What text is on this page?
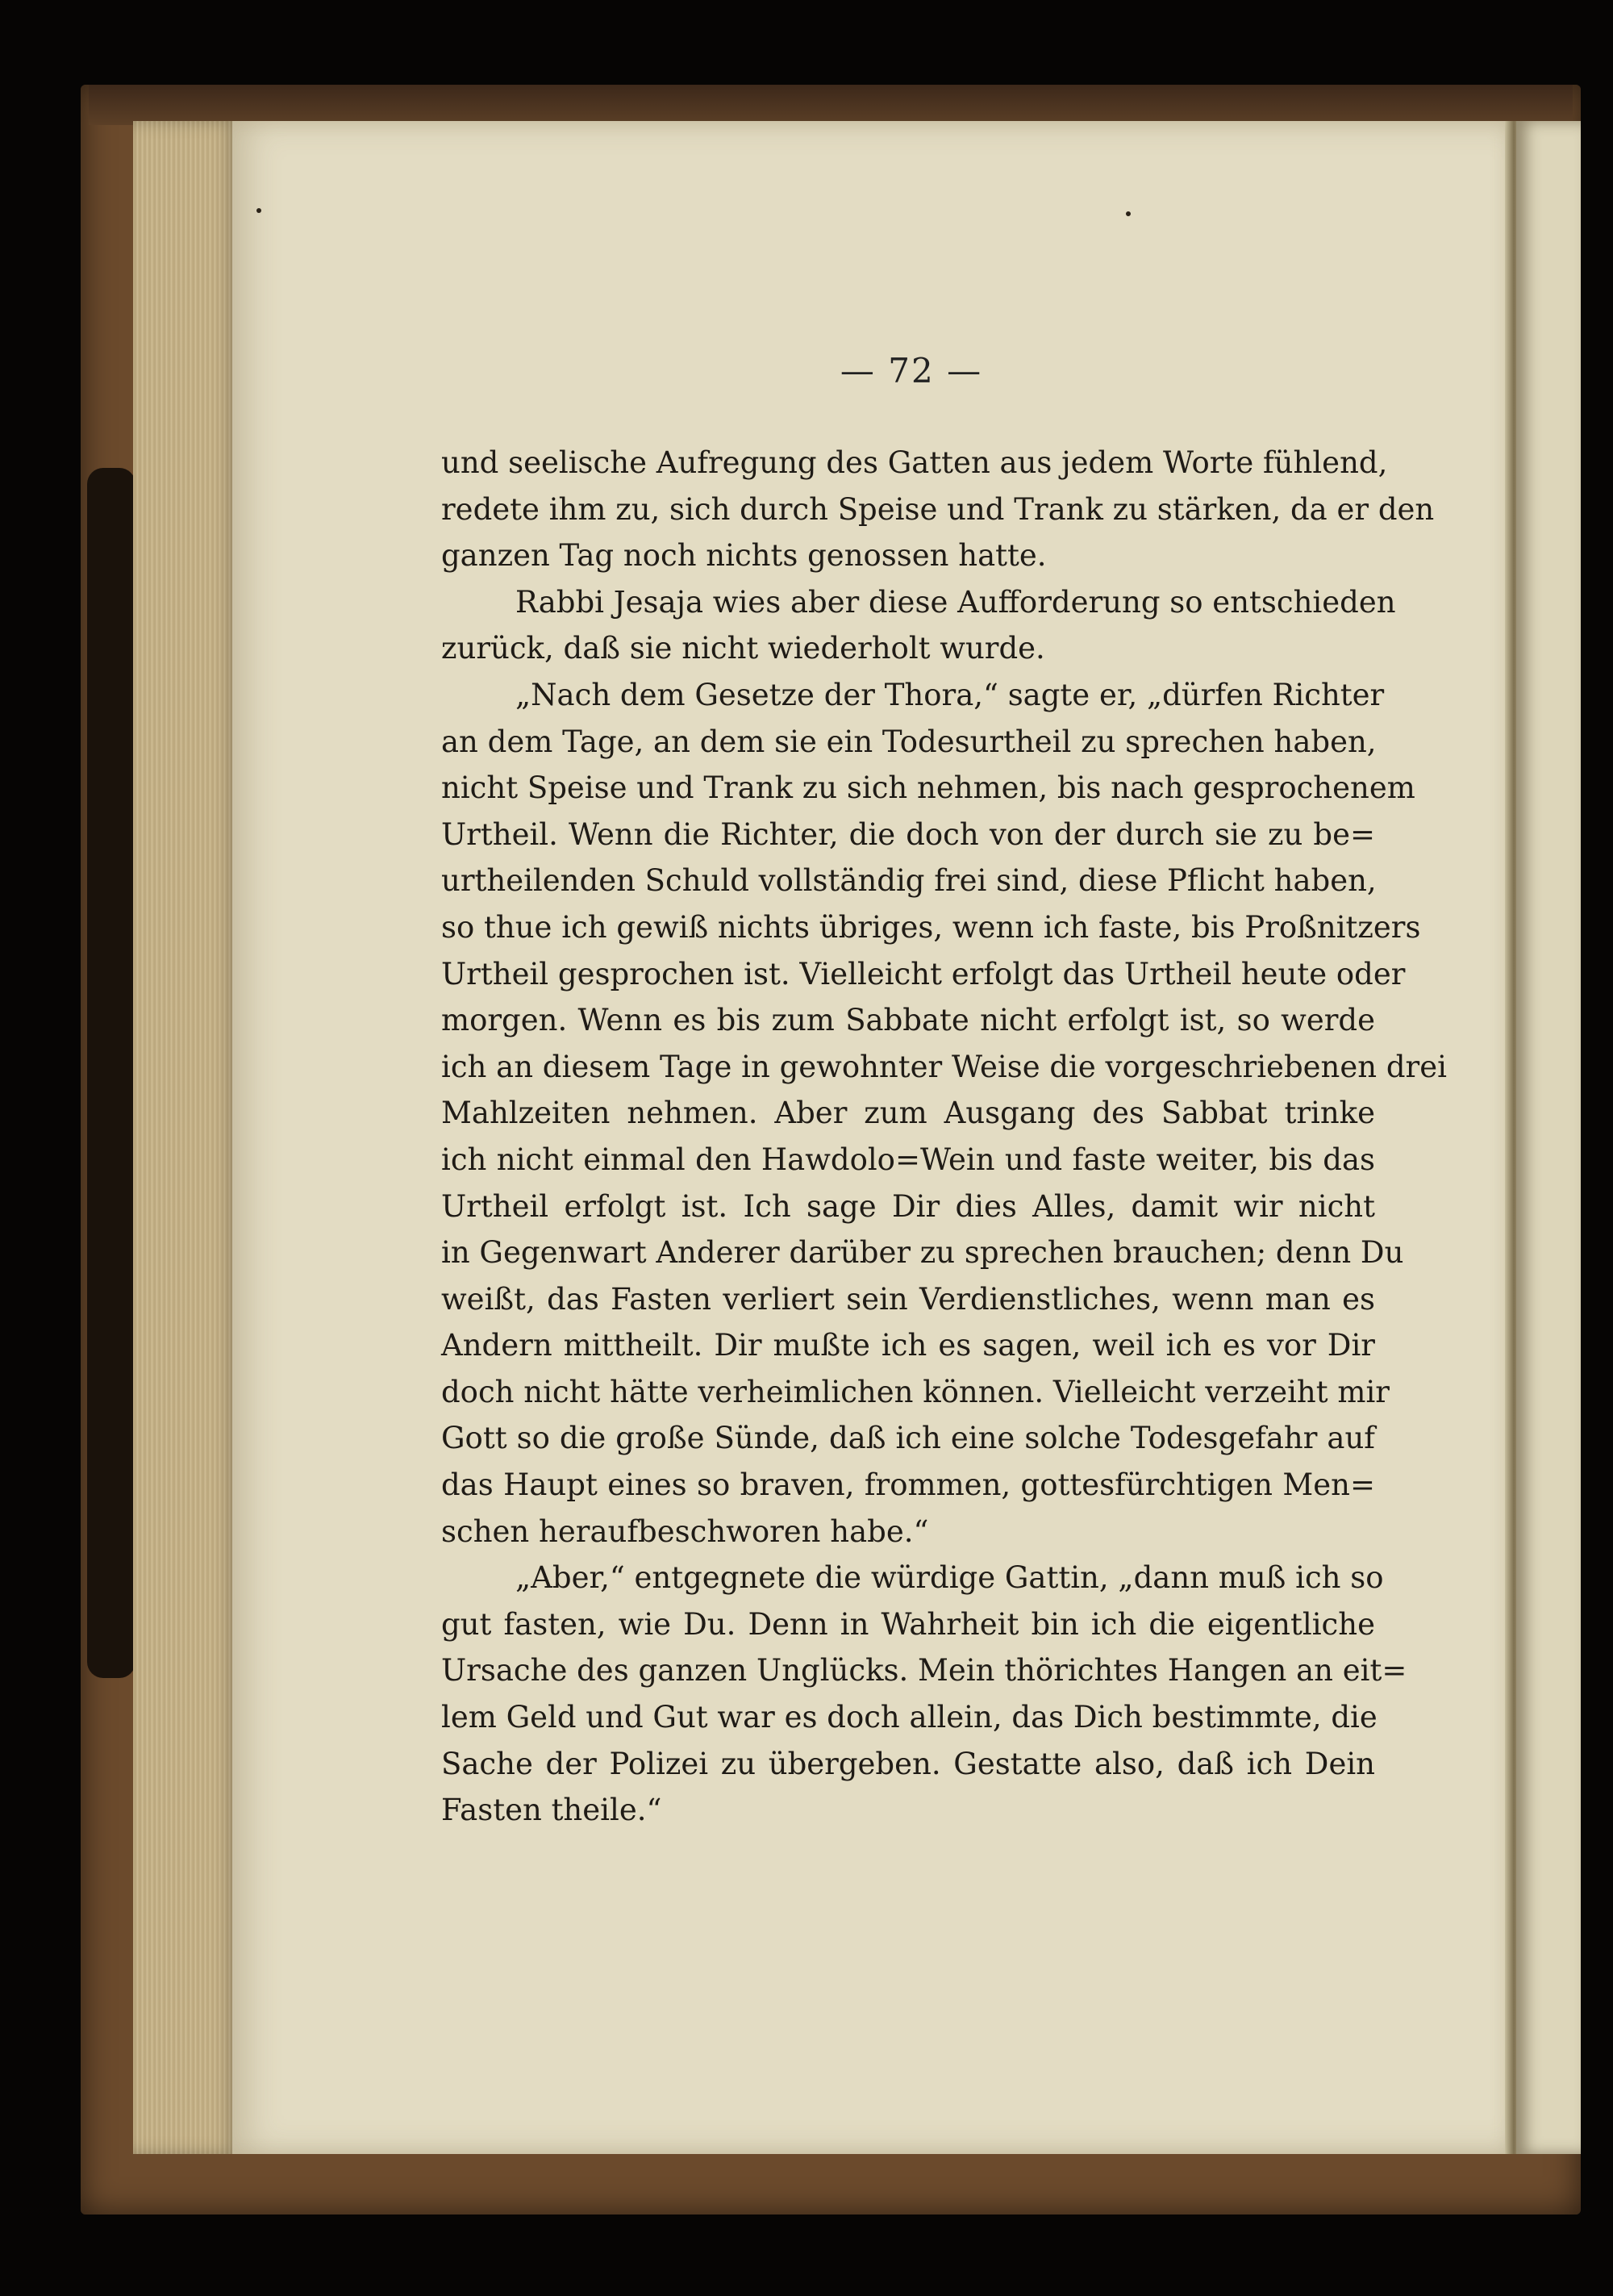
— 72 —
und seelische Aufregung des Gatten aus jedem Worte fühlend,
redete ihm zu, sich durch Speise und Trank zu stärken, da er den
ganzen Tag noch nichts genossen hatte.
Rabbi Jesaja wies aber diese Aufforderung so entschieden
zurück, daß sie nicht wiederholt wurde.
„Nach dem Gesetze der Thora,“ sagte er, „dürfen Richter
an dem Tage, an dem sie ein Todesurtheil zu sprechen haben,
nicht Speise und Trank zu sich nehmen, bis nach gesprochenem
Urtheil. Wenn die Richter, die doch von der durch sie zu be=
urtheilenden Schuld vollständig frei sind, diese Pflicht haben,
so thue ich gewiß nichts übriges, wenn ich faste, bis Proßnitzers
Urtheil gesprochen ist. Vielleicht erfolgt das Urtheil heute oder
morgen. Wenn es bis zum Sabbate nicht erfolgt ist, so werde
ich an diesem Tage in gewohnter Weise die vorgeschriebenen drei
Mahlzeiten nehmen. Aber zum Ausgang des Sabbat trinke
ich nicht einmal den Hawdolo=Wein und faste weiter, bis das
Urtheil erfolgt ist. Ich sage Dir dies Alles, damit wir nicht
in Gegenwart Anderer darüber zu sprechen brauchen; denn Du
weißt, das Fasten verliert sein Verdienstliches, wenn man es
Andern mittheilt. Dir mußte ich es sagen, weil ich es vor Dir
doch nicht hätte verheimlichen können. Vielleicht verzeiht mir
Gott so die große Sünde, daß ich eine solche Todesgefahr auf
das Haupt eines so braven, frommen, gottesfürchtigen Men=
schen heraufbeschworen habe.“
„Aber,“ entgegnete die würdige Gattin, „dann muß ich so
gut fasten, wie Du. Denn in Wahrheit bin ich die eigentliche
Ursache des ganzen Unglücks. Mein thörichtes Hangen an eit=
lem Geld und Gut war es doch allein, das Dich bestimmte, die
Sache der Polizei zu übergeben. Gestatte also, daß ich Dein
Fasten theile.“
